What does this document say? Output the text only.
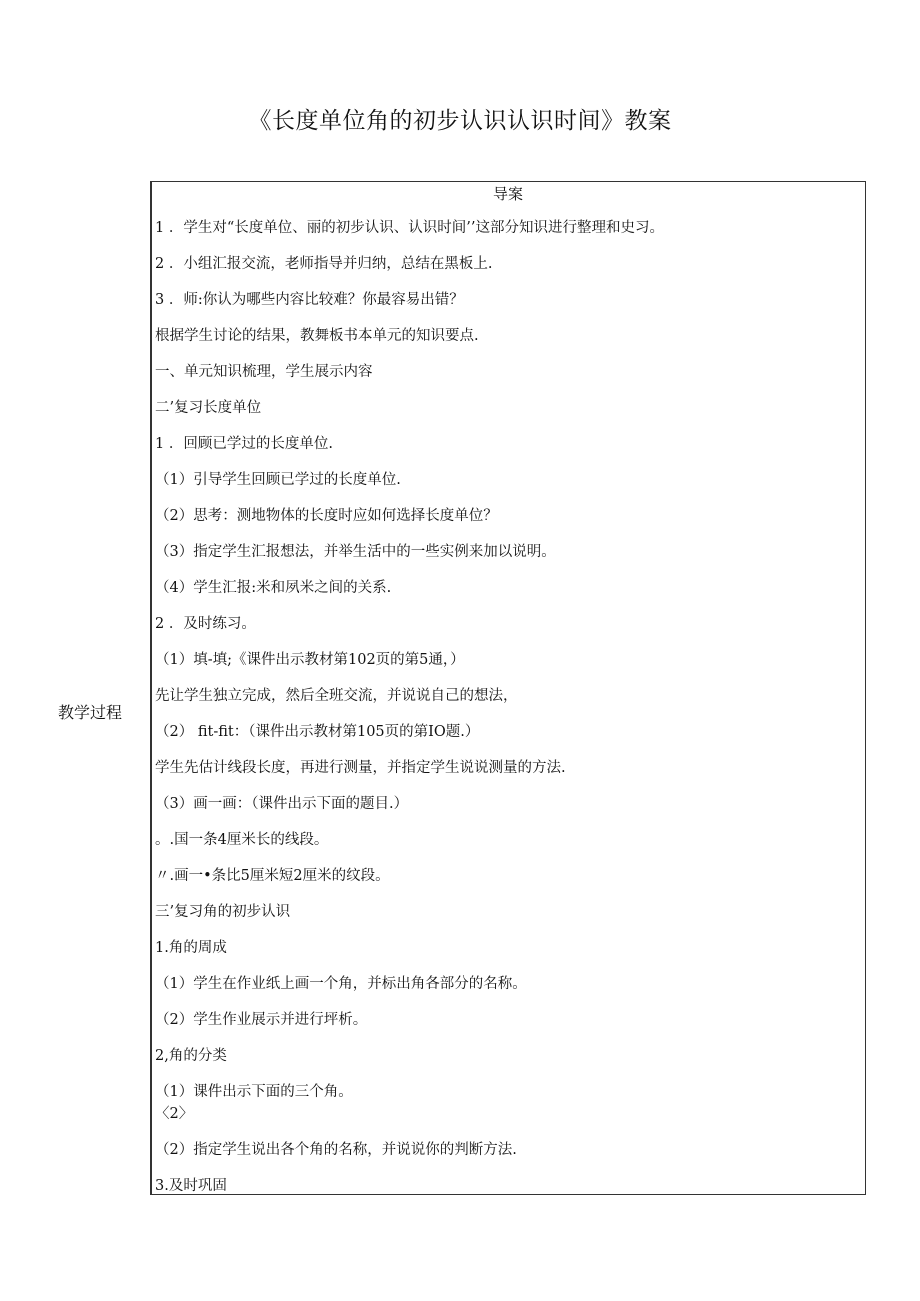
《长度单位角的初步认识认识时间》教案
教学过程
导案
1 ．学生对“长度单位、丽的初步认识、认识时间’’这部分知识进行整理和史习。
2 ．小组汇报交流，老师指导并归纳，总结在黑板上.
3 ．师:你认为哪些内容比较难？你最容易出错？
根据学生讨论的结果，教舞板书本单元的知识要点.
一、单元知识梳理，学生展示内容
二’复习长度单位
1 ．回顾已学过的长度单位.
（1）引导学生回顾已学过的长度单位.
（2）思考：测地物体的长度时应如何选择长度单位？
（3）指定学生汇报想法，并举生活中的一些实例来加以说明。
（4）学生汇报:米和夙米之间的关系.
2 ．及时练习。
（1）填-填;《课件出示教材第102页的第5通，）
先让学生独立完成，然后全班交流，并说说自己的想法，
（2） fit-fit：（课件出示教材第105页的第IO题.）
学生先估计线段长度，再进行测量，并指定学生说说测量的方法.
（3）画一画：（课件出示下面的题目.）
。.国一条4厘米长的线段。
〃.画一•条比5厘米短2厘米的纹段。
三’复习角的初步认识
1.角的周成
（1）学生在作业纸上画一个角，并标出角各部分的名称。
（2）学生作业展示并进行坪析。
2,角的分类
（1）课件出示下面的三个角。
〈2〉
（2）指定学生说出各个角的名称，并说说你的判断方法.
3.及时巩固
